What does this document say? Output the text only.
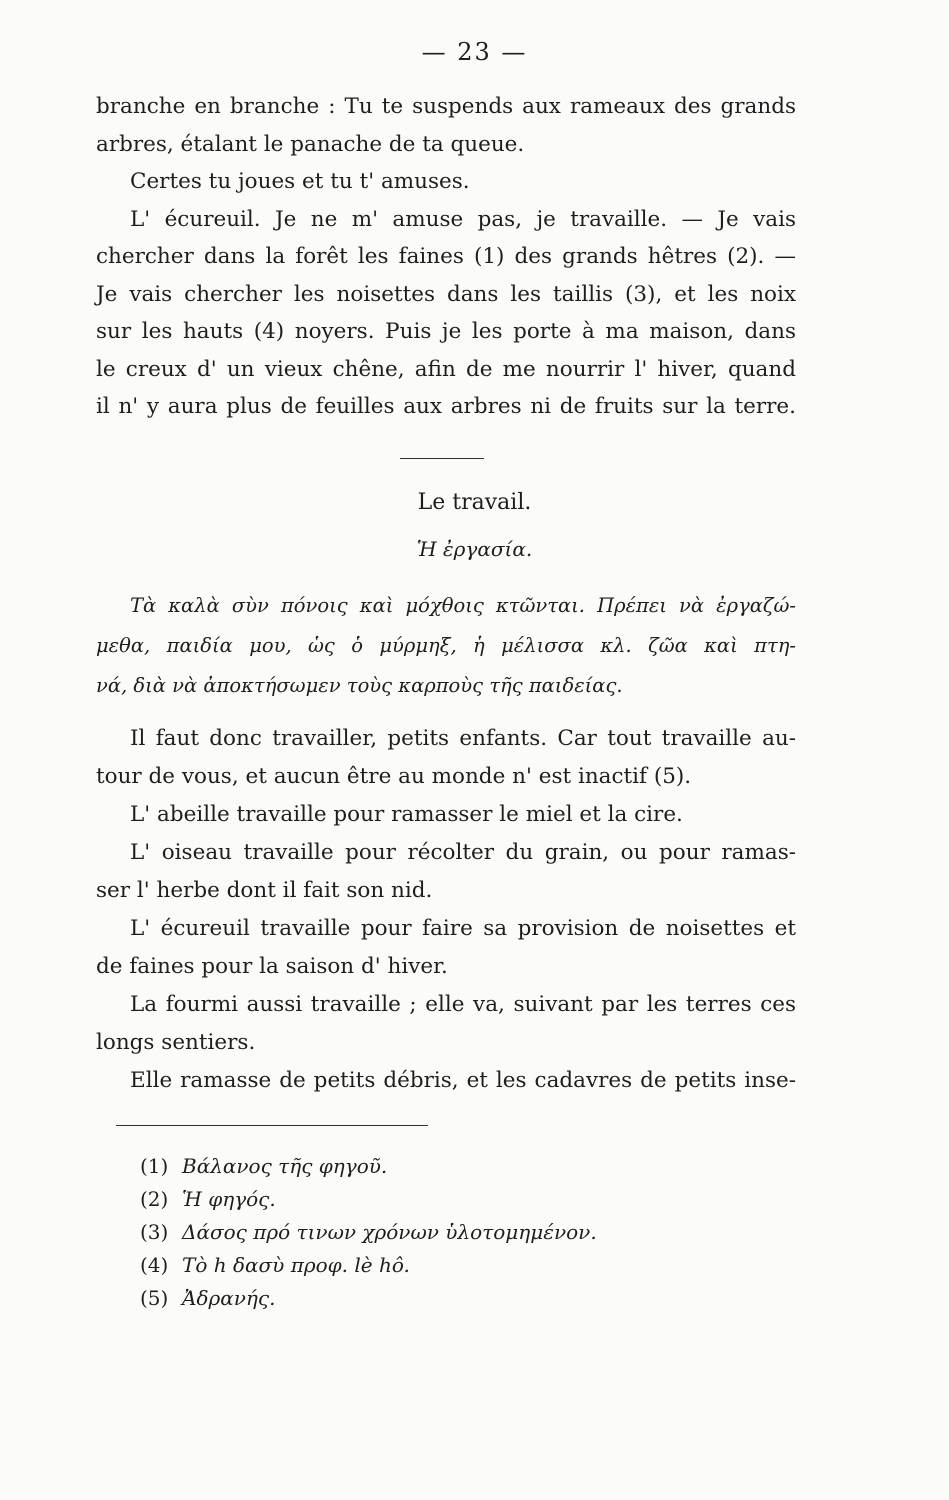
— 23 —
branche en branche : Tu te suspends aux rameaux des grands
arbres, étalant le panache de ta queue.
Certes tu joues et tu t' amuses.
L' écureuil. Je ne m' amuse pas, je travaille. — Je vais
chercher dans la forêt les faines (1) des grands hêtres (2). —
Je vais chercher les noisettes dans les taillis (3), et les noix
sur les hauts (4) noyers. Puis je les porte à ma maison, dans
le creux d' un vieux chêne, afin de me nourrir l' hiver, quand
il n' y aura plus de feuilles aux arbres ni de fruits sur la terre.
Le travail.
Ἡ ἐργασία.
Τὰ καλὰ σὺν πόνοις καὶ μόχθοις κτῶνται. Πρέπει νὰ ἐργαζώ-
μεθα, παιδία μου, ὡς ὁ μύρμηξ, ἡ μέλισσα κλ. ζῶα καὶ πτη-
νά, διὰ νὰ ἀποκτήσωμεν τοὺς καρποὺς τῆς παιδείας.
Il faut donc travailler, petits enfants. Car tout travaille au-
tour de vous, et aucun être au monde n' est inactif (5).
L' abeille travaille pour ramasser le miel et la cire.
L' oiseau travaille pour récolter du grain, ou pour ramas-
ser l' herbe dont il fait son nid.
L' écureuil travaille pour faire sa provision de noisettes et
de faines pour la saison d' hiver.
La fourmi aussi travaille ; elle va, suivant par les terres ces
longs sentiers.
Elle ramasse de petits débris, et les cadavres de petits inse-
(1) Βάλανος τῆς φηγοῦ.
(2) Ἡ φηγός.
(3) Δάσος πρό τινων χρόνων ὑλοτομημένον.
(4) Τὸ h δασὺ προφ. lè hô.
(5) Ἀδρανής.
